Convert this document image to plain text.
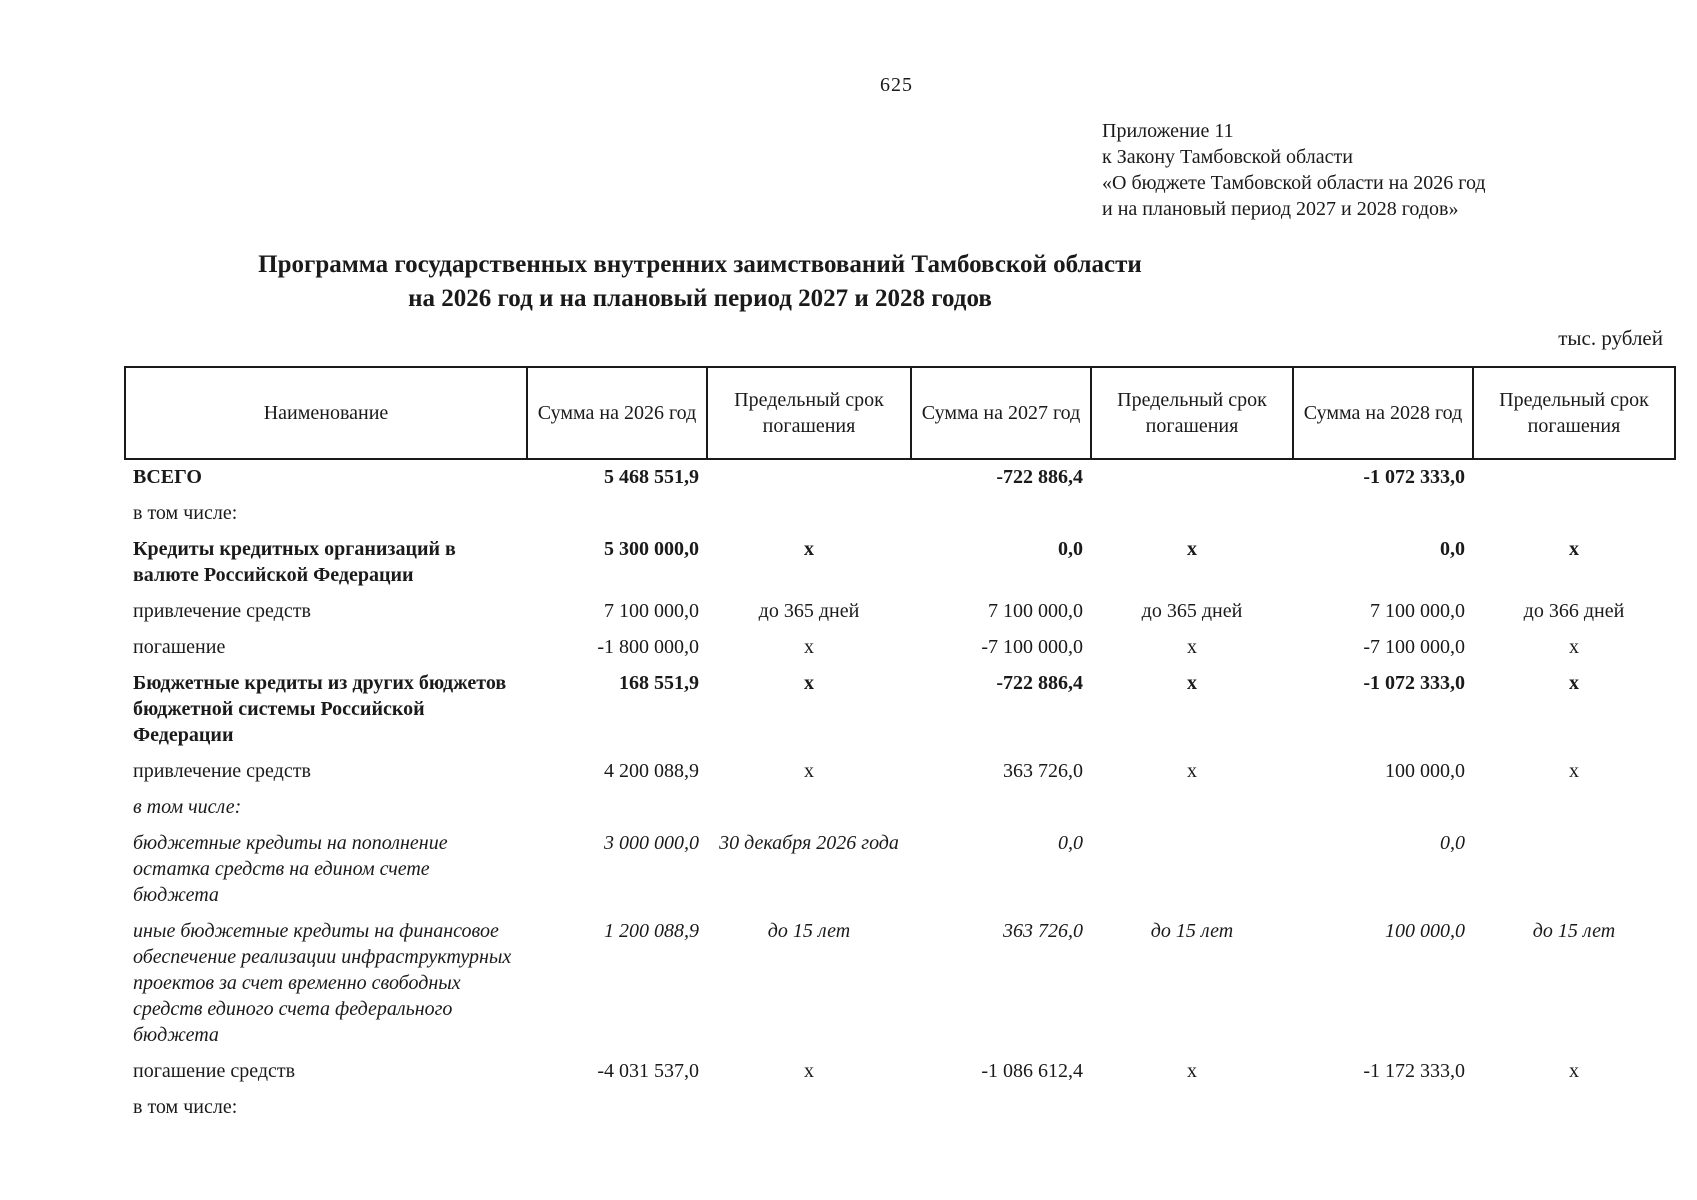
625
Приложение 11
к Закону Тамбовской области
«О бюджете Тамбовской области на 2026 год
и на плановый период 2027 и 2028 годов»
Программа государственных внутренних заимствований Тамбовской области
на 2026 год и на плановый период 2027 и 2028 годов
тыс. рублей
Наименование	Сумма на 2026 год	Предельный срок погашения	Сумма на 2027 год	Предельный срок погашения	Сумма на 2028 год	Предельный срок погашения
ВСЕГО	5 468 551,9		-722 886,4		-1 072 333,0	
в том числе:						
Кредиты кредитных организаций в валюте Российской Федерации	5 300 000,0	х	0,0	х	0,0	х
привлечение средств	7 100 000,0	до 365 дней	7 100 000,0	до 365 дней	7 100 000,0	до 366 дней
погашение	-1 800 000,0	х	-7 100 000,0	х	-7 100 000,0	х
Бюджетные кредиты из других бюджетов бюджетной системы Российской Федерации	168 551,9	х	-722 886,4	х	-1 072 333,0	х
привлечение средств	4 200 088,9	х	363 726,0	х	100 000,0	х
в том числе:						
бюджетные кредиты на пополнение остатка средств на едином счете бюджета	3 000 000,0	30 декабря 2026 года	0,0		0,0	
иные бюджетные кредиты на финансовое обеспечение реализации инфраструктурных проектов за счет временно свободных средств единого счета федерального бюджета	1 200 088,9	до 15 лет	363 726,0	до 15 лет	100 000,0	до 15 лет
погашение средств	-4 031 537,0	х	-1 086 612,4	х	-1 172 333,0	х
в том числе:						
